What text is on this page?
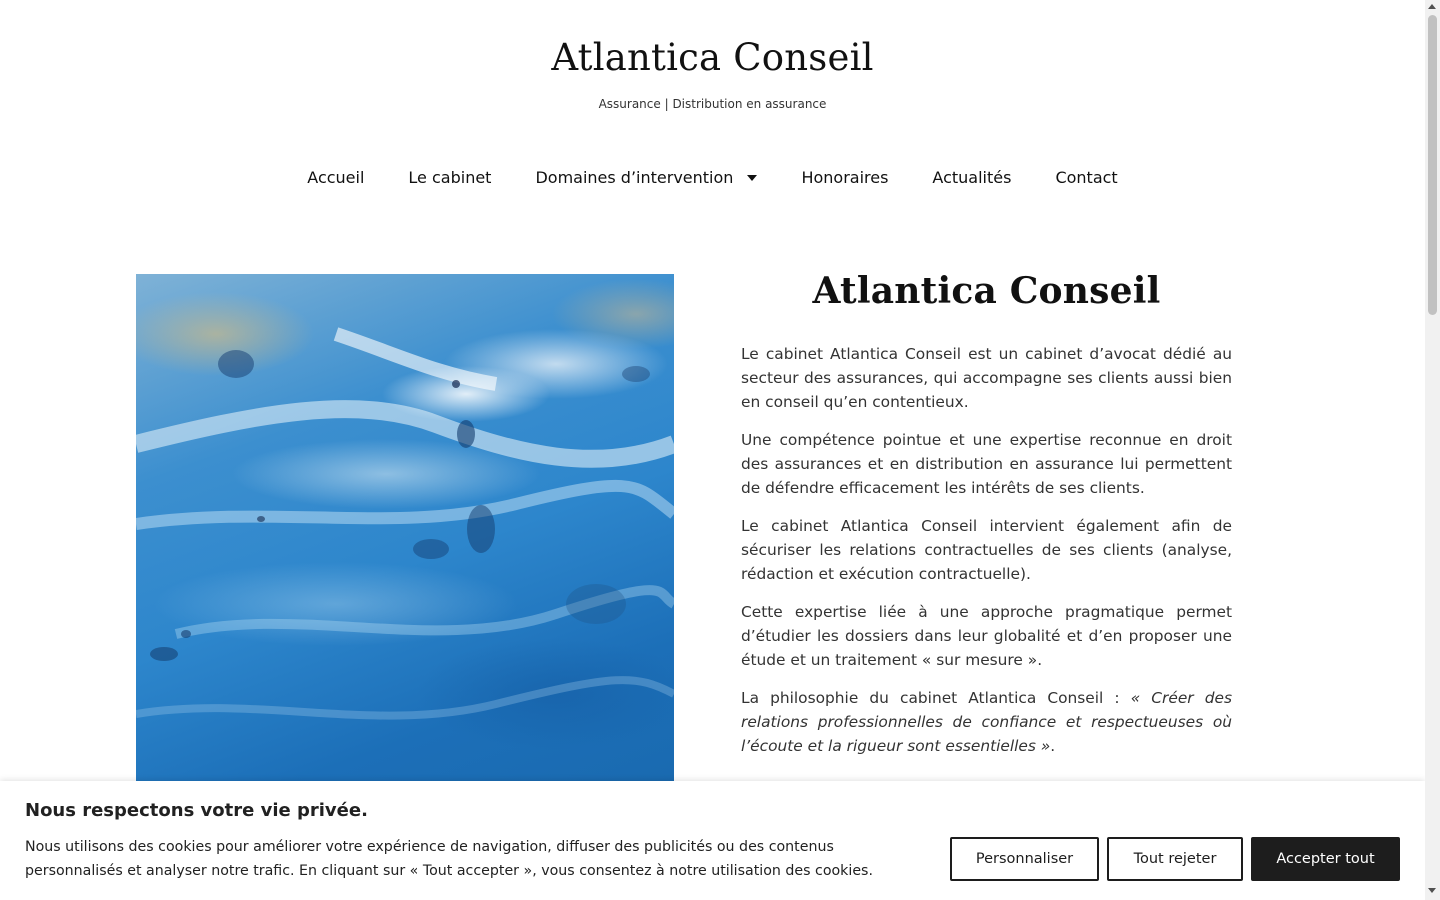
Atlantica Conseil
Assurance | Distribution en assurance
Accueil	Le cabinet	Domaines d’intervention	Honoraires	Actualités	Contact
Atlantica Conseil

Le cabinet Atlantica Conseil est un cabinet d’avocat dédié au secteur des assurances, qui accompagne ses clients aussi bien en conseil qu’en contentieux.

Une compétence pointue et une expertise reconnue en droit des assurances et en distribution en assurance lui permettent de défendre efficacement les intérêts de ses clients.

Le cabinet Atlantica Conseil intervient également afin de sécuriser les relations contractuelles de ses clients (analyse, rédaction et exécution contractuelle).

Cette expertise liée à une approche pragmatique permet d’étudier les dossiers dans leur globalité et d’en proposer une étude et un traitement « sur mesure ».

La philosophie du cabinet Atlantica Conseil : « Créer des relations professionnelles de confiance et respectueuses où l’écoute et la rigueur sont essentielles ».

Nous respectons votre vie privée.
Nous utilisons des cookies pour améliorer votre expérience de navigation, diffuser des publicités ou des contenus personnalisés et analyser notre trafic. En cliquant sur « Tout accepter », vous consentez à notre utilisation des cookies.
Personnaliser	Tout rejeter	Accepter tout
